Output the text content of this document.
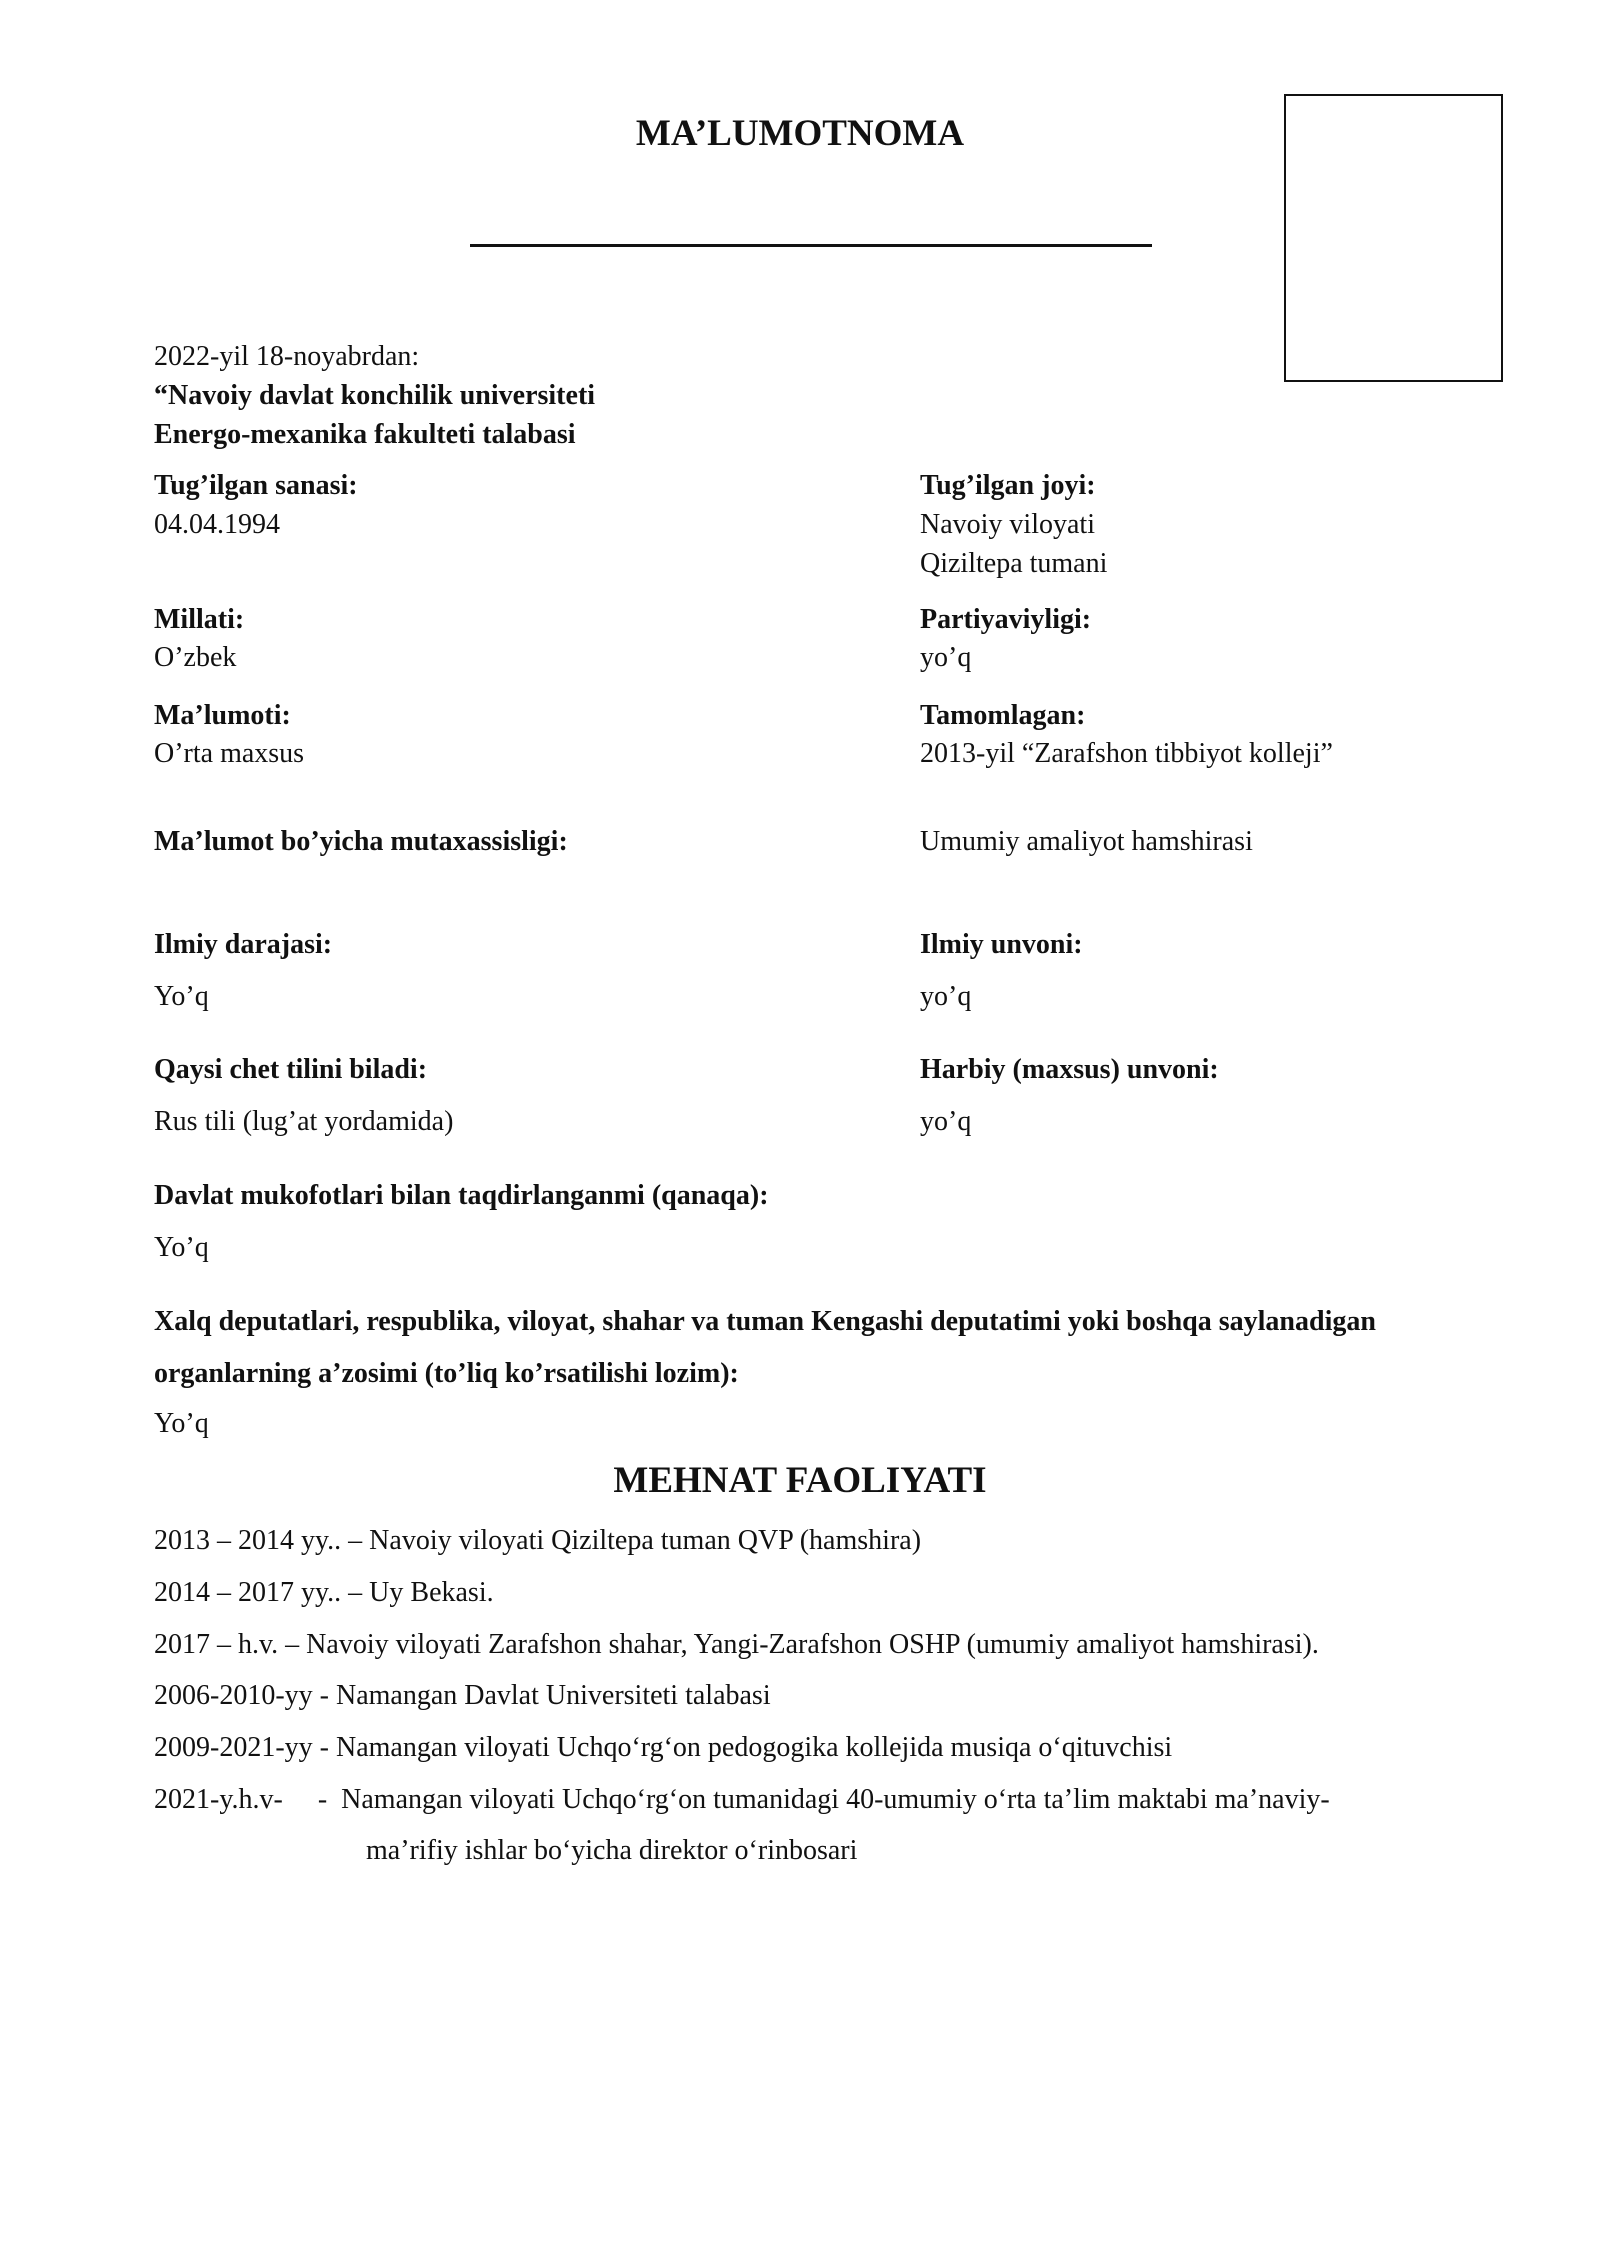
MA’LUMOTNOMA
2022-yil 18-noyabrdan:
“Navoiy davlat konchilik universiteti
Energo-mexanika fakulteti talabasi
Tug’ilgan sanasi:
04.04.1994
Tug’ilgan joyi:
Navoiy viloyati
Qiziltepa tumani
Millati:
O’zbek
Partiyaviyligi:
yo’q
Ma’lumoti:
O’rta maxsus
Tamomlagan:
2013-yil “Zarafshon tibbiyot kolleji”
Ma’lumot bo’yicha mutaxassisligi:	Umumiy amaliyot hamshirasi
Ilmiy darajasi:
Yo’q
Ilmiy unvoni:
yo’q
Qaysi chet tilini biladi:
Rus tili (lug’at yordamida)
Harbiy (maxsus) unvoni:
yo’q
Davlat mukofotlari bilan taqdirlanganmi (qanaqa):
Yo’q
Xalq deputatlari, respublika, viloyat, shahar va tuman Kengashi deputatimi yoki boshqa saylanadigan
organlarning a’zosimi (to’liq ko’rsatilishi lozim):
Yo’q
MEHNAT FAOLIYATI
2013 – 2014 yy.. – Navoiy viloyati Qiziltepa tuman QVP (hamshira)
2014 – 2017 yy.. – Uy Bekasi.
2017 – h.v. – Navoiy viloyati Zarafshon shahar, Yangi-Zarafshon OSHP (umumiy amaliyot hamshirasi).
2006-2010-yy - Namangan Davlat Universiteti talabasi
2009-2021-yy - Namangan viloyati Uchqo‘rg‘on pedogogika kollejida musiqa o‘qituvchisi
2021-y.h.v-     -  Namangan viloyati Uchqo‘rg‘on tumanidagi 40-umumiy o‘rta ta’lim maktabi ma’naviy-
ma’rifiy ishlar bo‘yicha direktor o‘rinbosari
